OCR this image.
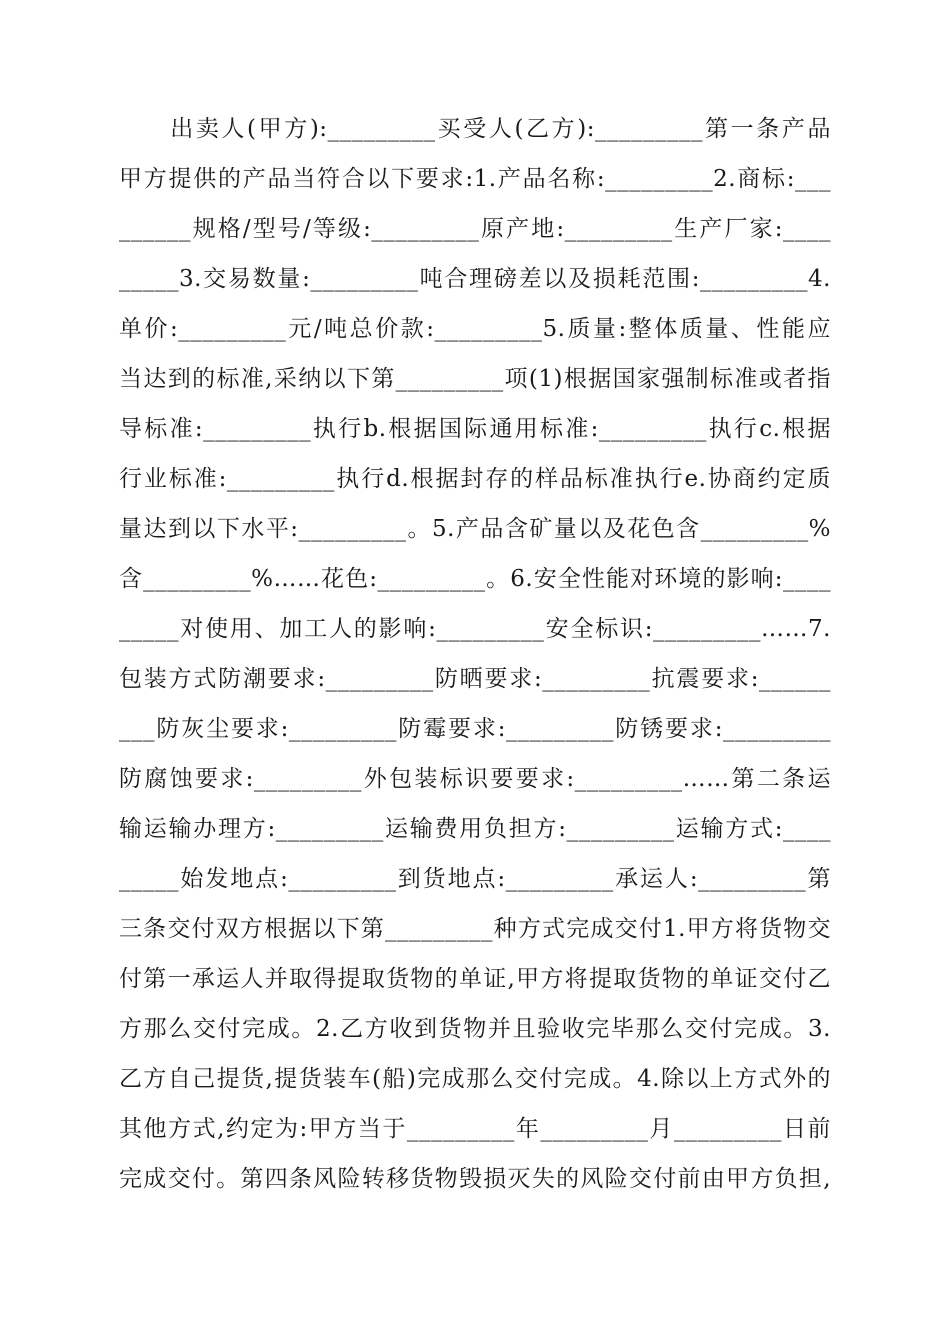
　　出卖人(甲方):_________买受人(乙方):_________第一条产品
甲方提供的产品当符合以下要求:1.产品名称:_________2.商标:___
______规格/型号/等级:_________原产地:_________生产厂家:____
_____3.交易数量:_________吨合理磅差以及损耗范围:_________4.
单价:_________元/吨总价款:_________5.质量:整体质量、性能应
当达到的标准,采纳以下第_________项(1)根据国家强制标准或者指
导标准:_________执行b.根据国际通用标准:_________执行c.根据
行业标准:_________执行d.根据封存的样品标准执行e.协商约定质
量达到以下水平:_________。5.产品含矿量以及花色含_________%
含_________%……花色:_________。6.安全性能对环境的影响:____
_____对使用、加工人的影响:_________安全标识:_________……7.
包装方式防潮要求:_________防晒要求:_________抗震要求:______
___防灰尘要求:_________防霉要求:_________防锈要求:_________
防腐蚀要求:_________外包装标识要要求:_________……第二条运
输运输办理方:_________运输费用负担方:_________运输方式:____
_____始发地点:_________到货地点:_________承运人:_________第
三条交付双方根据以下第_________种方式完成交付1.甲方将货物交
付第一承运人并取得提取货物的单证,甲方将提取货物的单证交付乙
方那么交付完成。2.乙方收到货物并且验收完毕那么交付完成。3.
乙方自己提货,提货装车(船)完成那么交付完成。4.除以上方式外的
其他方式,约定为:甲方当于_________年_________月_________日前
完成交付。第四条风险转移货物毁损灭失的风险交付前由甲方负担,
